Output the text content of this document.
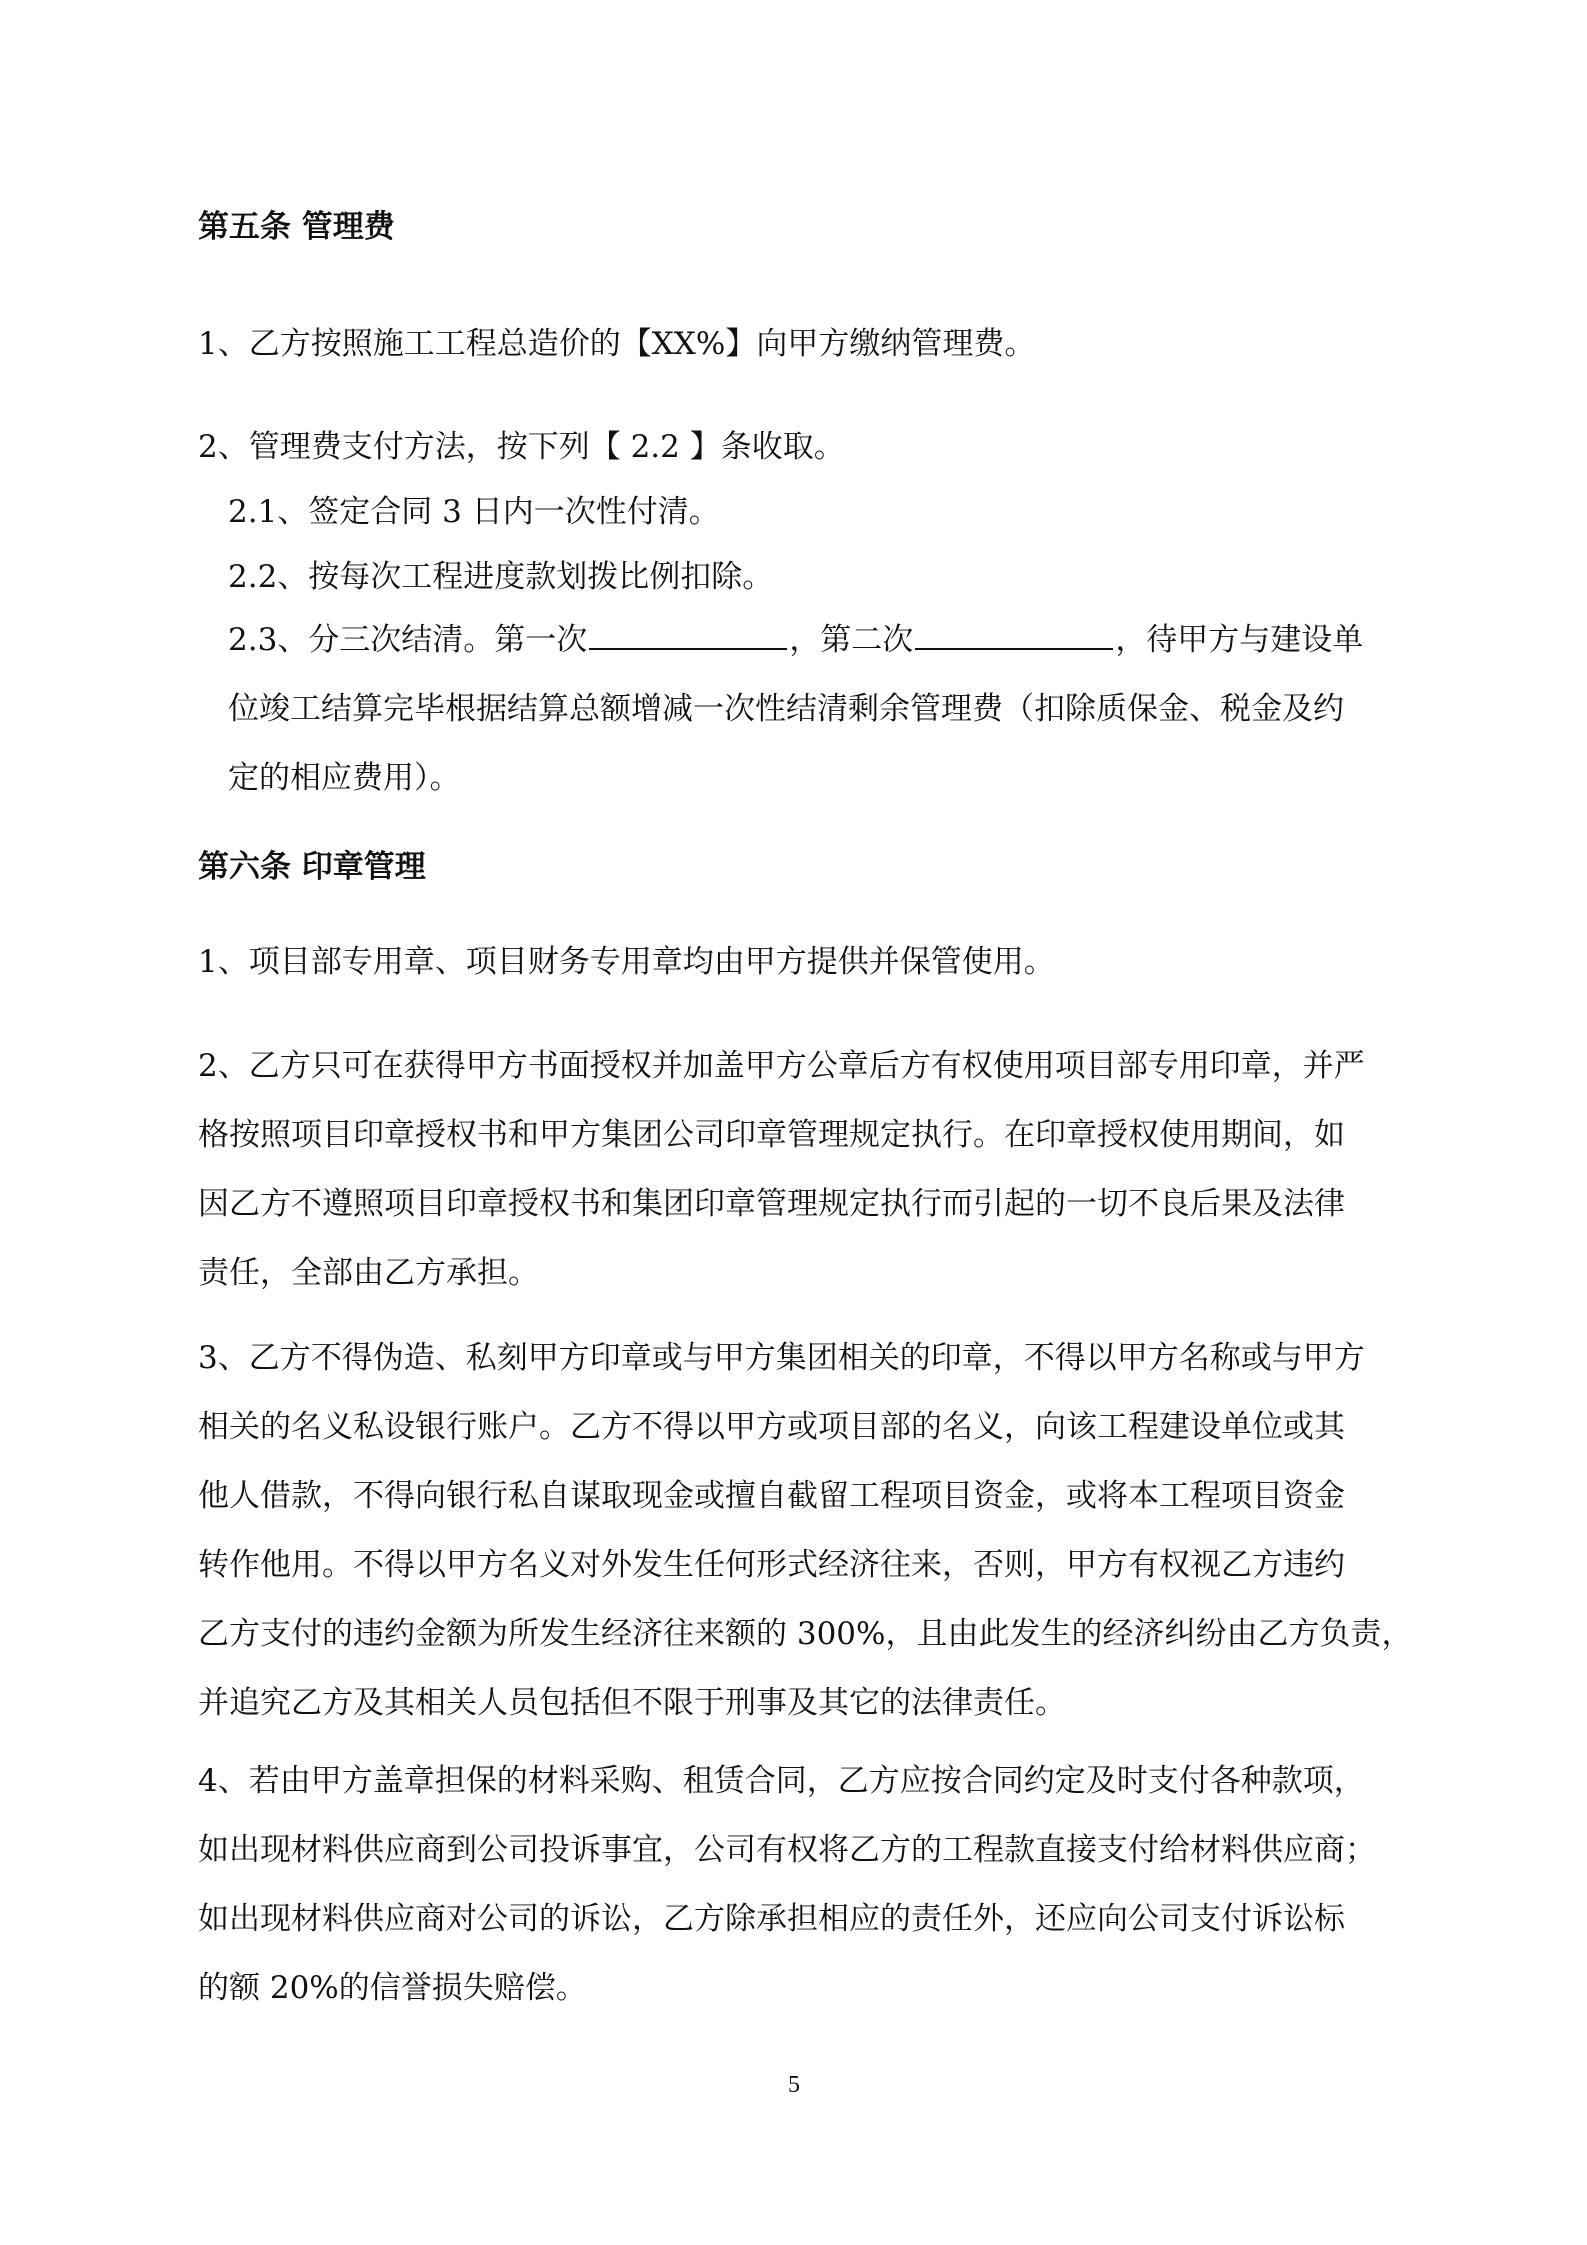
第五条 管理费
1、乙方按照施工工程总造价的【XX%】向甲方缴纳管理费。
2、管理费支付方法，按下列【 2.2 】条收取。
2.1、签定合同 3 日内一次性付清。
2.2、按每次工程进度款划拨比例扣除。
2.3、分三次结清。第一次	，第二次	，待甲方与建设单
位竣工结算完毕根据结算总额增减一次性结清剩余管理费（扣除质保金、税金及约
定的相应费用）。
第六条 印章管理
1、项目部专用章、项目财务专用章均由甲方提供并保管使用。
2、乙方只可在获得甲方书面授权并加盖甲方公章后方有权使用项目部专用印章，并严
格按照项目印章授权书和甲方集团公司印章管理规定执行。在印章授权使用期间，如
因乙方不遵照项目印章授权书和集团印章管理规定执行而引起的一切不良后果及法律
责任，全部由乙方承担。
3、乙方不得伪造、私刻甲方印章或与甲方集团相关的印章，不得以甲方名称或与甲方
相关的名义私设银行账户。乙方不得以甲方或项目部的名义，向该工程建设单位或其
他人借款，不得向银行私自谋取现金或擅自截留工程项目资金，或将本工程项目资金
转作他用。不得以甲方名义对外发生任何形式经济往来，否则，甲方有权视乙方违约
乙方支付的违约金额为所发生经济往来额的 300%，且由此发生的经济纠纷由乙方负责，
并追究乙方及其相关人员包括但不限于刑事及其它的法律责任。
4、若由甲方盖章担保的材料采购、租赁合同，乙方应按合同约定及时支付各种款项，
如出现材料供应商到公司投诉事宜，公司有权将乙方的工程款直接支付给材料供应商；
如出现材料供应商对公司的诉讼，乙方除承担相应的责任外，还应向公司支付诉讼标
的额 20%的信誉损失赔偿。
5
